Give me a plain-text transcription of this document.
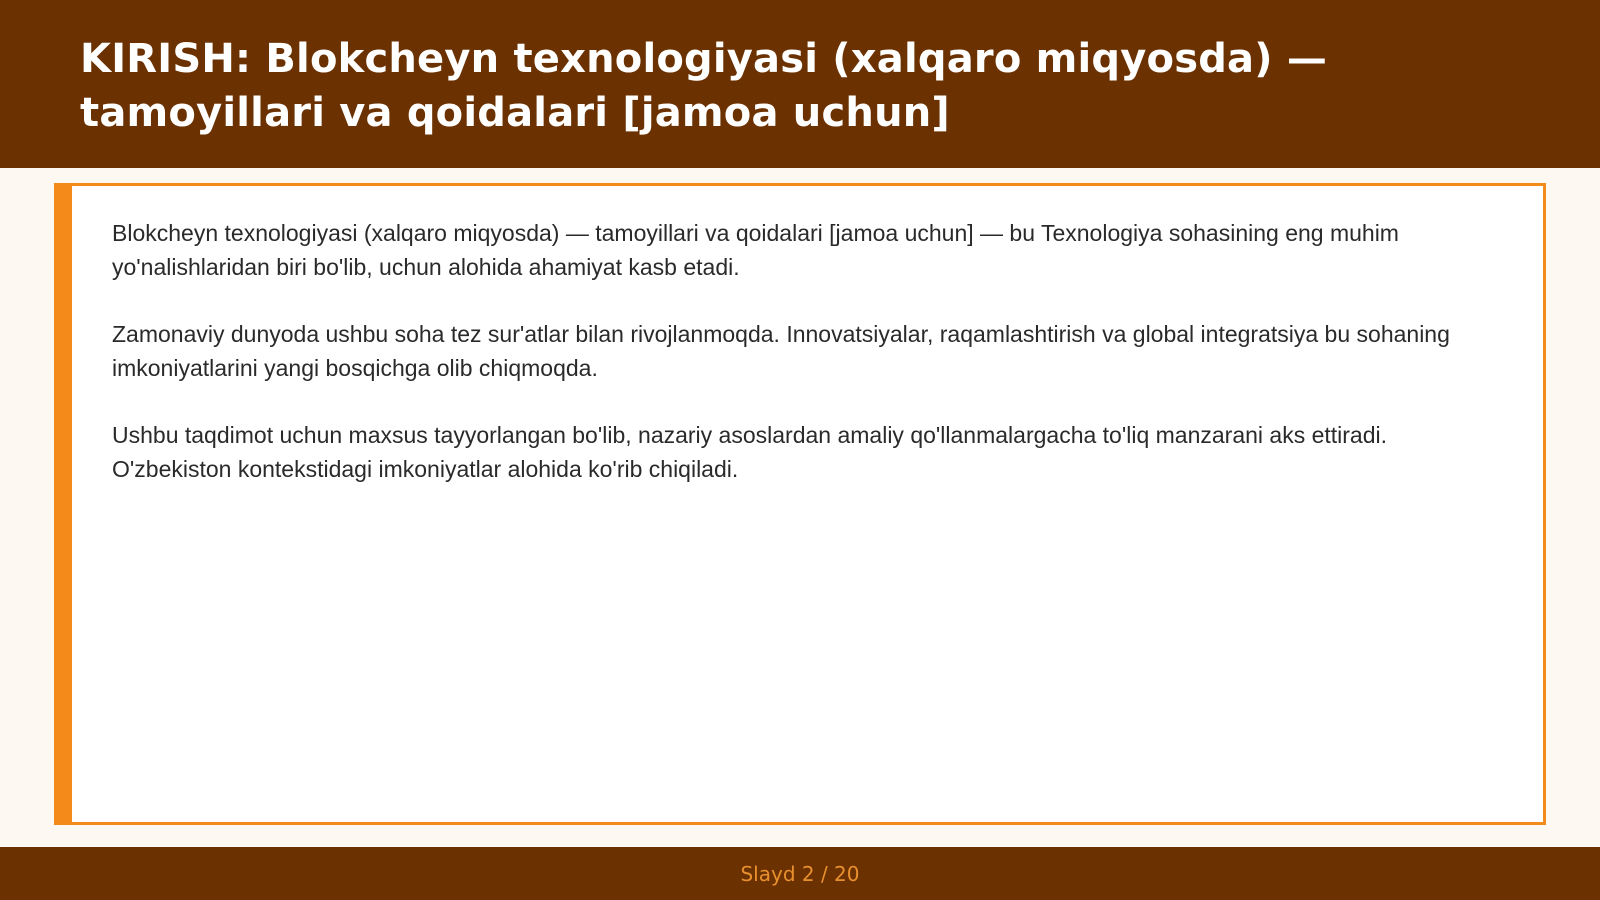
KIRISH: Blokcheyn texnologiyasi (xalqaro miqyosda) — tamoyillari va qoidalari [jamoa uchun]

Blokcheyn texnologiyasi (xalqaro miqyosda) — tamoyillari va qoidalari [jamoa uchun] — bu Texnologiya sohasining eng muhim yo'nalishlaridan biri bo'lib, uchun alohida ahamiyat kasb etadi.

Zamonaviy dunyoda ushbu soha tez sur'atlar bilan rivojlanmoqda. Innovatsiyalar, raqamlashtirish va global integratsiya bu sohaning imkoniyatlarini yangi bosqichga olib chiqmoqda.

Ushbu taqdimot uchun maxsus tayyorlangan bo'lib, nazariy asoslardan amaliy qo'llanmalargacha to'liq manzarani aks ettiradi. O'zbekiston kontekstidagi imkoniyatlar alohida ko'rib chiqiladi.

Slayd 2 / 20
